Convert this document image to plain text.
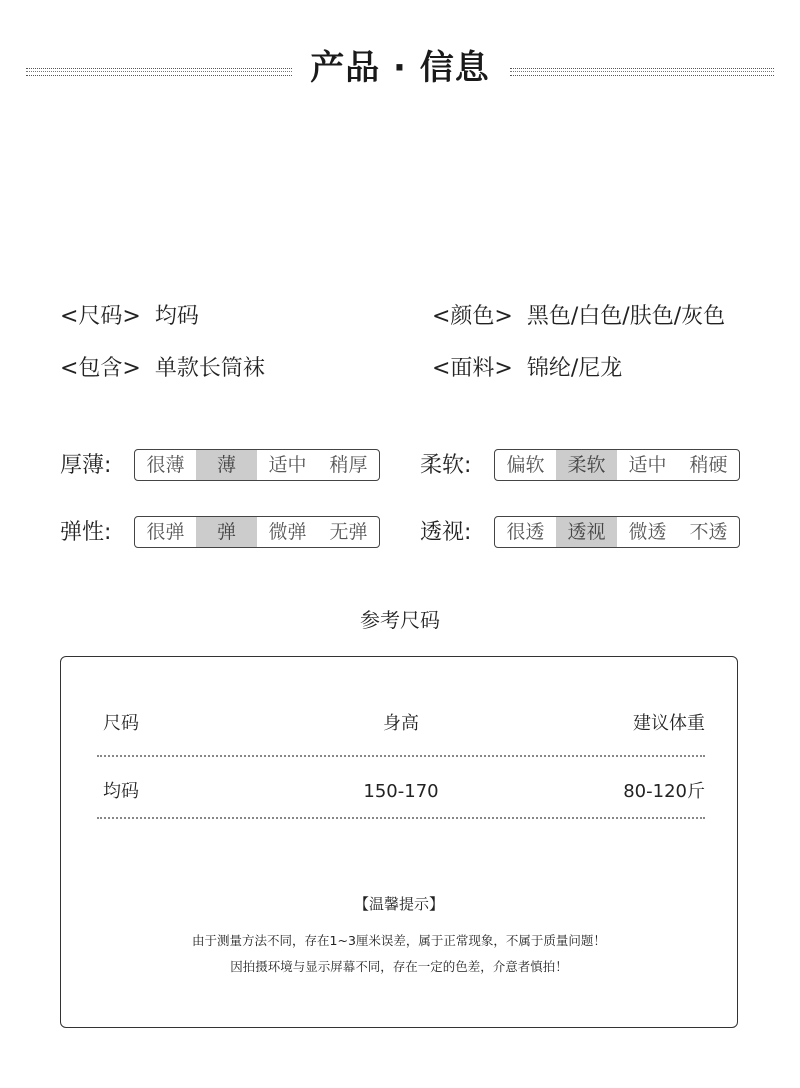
产品 · 信息
<尺码> 均码	<颜色> 黑色/白色/肤色/灰色
<包含> 单款长筒袜	<面料> 锦纶/尼龙
厚薄:	很薄	薄	适中	稍厚	柔软:	偏软	柔软	适中	稍硬
弹性:	很弹	弹	微弹	无弹	透视:	很透	透视	微透	不透
参考尺码
尺码	身高	建议体重
均码	150-170	80-120斤
【温馨提示】
由于测量方法不同，存在1~3厘米误差，属于正常现象，不属于质量问题！
因拍摄环境与显示屏幕不同，存在一定的色差，介意者慎拍！
